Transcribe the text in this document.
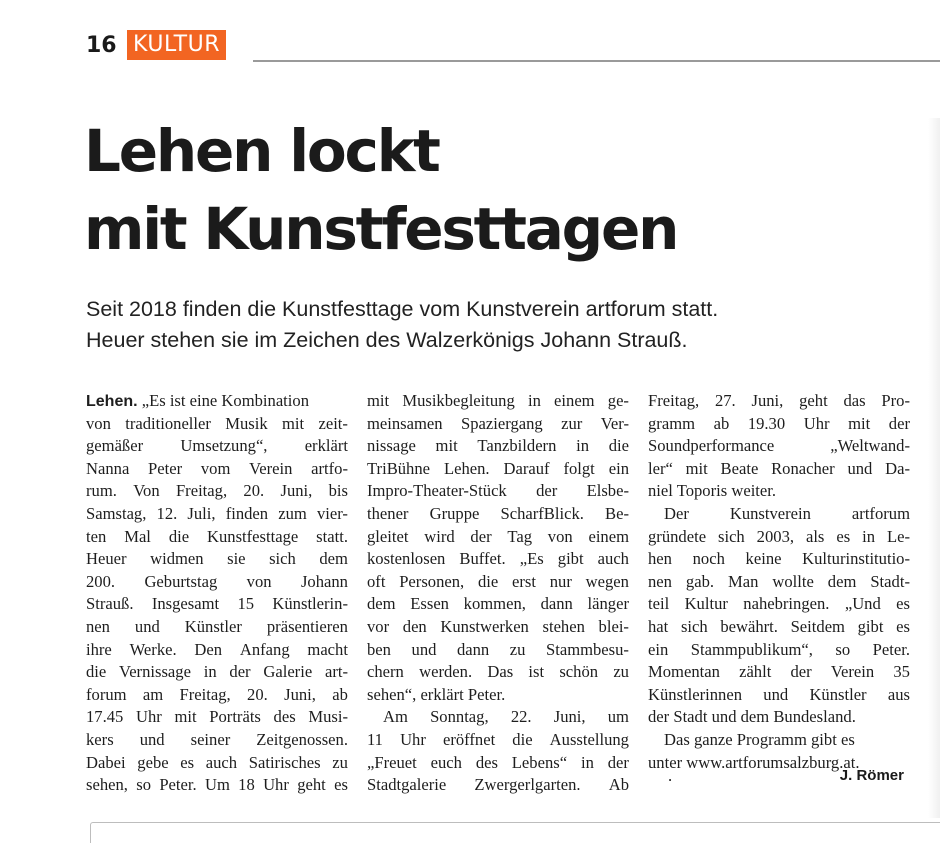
16 KULTUR
Lehen lockt
mit Kunstfesttagen
Seit 2018 finden die Kunstfesttage vom Kunstverein artforum statt.
Heuer stehen sie im Zeichen des Walzerkönigs Johann Strauß.
Lehen. „Es ist eine Kombination
von traditioneller Musik mit zeit-
gemäßer Umsetzung“, erklärt
Nanna Peter vom Verein artfo-
rum. Von Freitag, 20. Juni, bis
Samstag, 12. Juli, finden zum vier-
ten Mal die Kunstfesttage statt.
Heuer widmen sie sich dem
200. Geburtstag von Johann
Strauß. Insgesamt 15 Künstlerin-
nen und Künstler präsentieren
ihre Werke. Den Anfang macht
die Vernissage in der Galerie art-
forum am Freitag, 20. Juni, ab
17.45 Uhr mit Porträts des Musi-
kers und seiner Zeitgenossen.
Dabei gebe es auch Satirisches zu
sehen, so Peter. Um 18 Uhr geht es
mit Musikbegleitung in einem ge-
meinsamen Spaziergang zur Ver-
nissage mit Tanzbildern in die
TriBühne Lehen. Darauf folgt ein
Impro-Theater-Stück der Elsbe-
thener Gruppe ScharfBlick. Be-
gleitet wird der Tag von einem
kostenlosen Buffet. „Es gibt auch
oft Personen, die erst nur wegen
dem Essen kommen, dann länger
vor den Kunstwerken stehen blei-
ben und dann zu Stammbesu-
chern werden. Das ist schön zu
sehen“, erklärt Peter.
Am Sonntag, 22. Juni, um
11 Uhr eröffnet die Ausstellung
„Freuet euch des Lebens“ in der
Stadtgalerie Zwergerlgarten. Ab
Freitag, 27. Juni, geht das Pro-
gramm ab 19.30 Uhr mit der
Soundperformance	„Weltwand-
ler“ mit Beate Ronacher und Da-
niel Toporis weiter.
Der Kunstverein artforum
gründete sich 2003, als es in Le-
hen noch keine Kulturinstitutio-
nen gab. Man wollte dem Stadt-
teil Kultur nahebringen. „Und es
hat sich bewährt. Seitdem gibt es
ein Stammpublikum“, so Peter.
Momentan zählt der Verein 35
Künstlerinnen und Künstler aus
der Stadt und dem Bundesland.
Das ganze Programm gibt es
unter www.artforumsalzburg.at.
.	J. Römer
